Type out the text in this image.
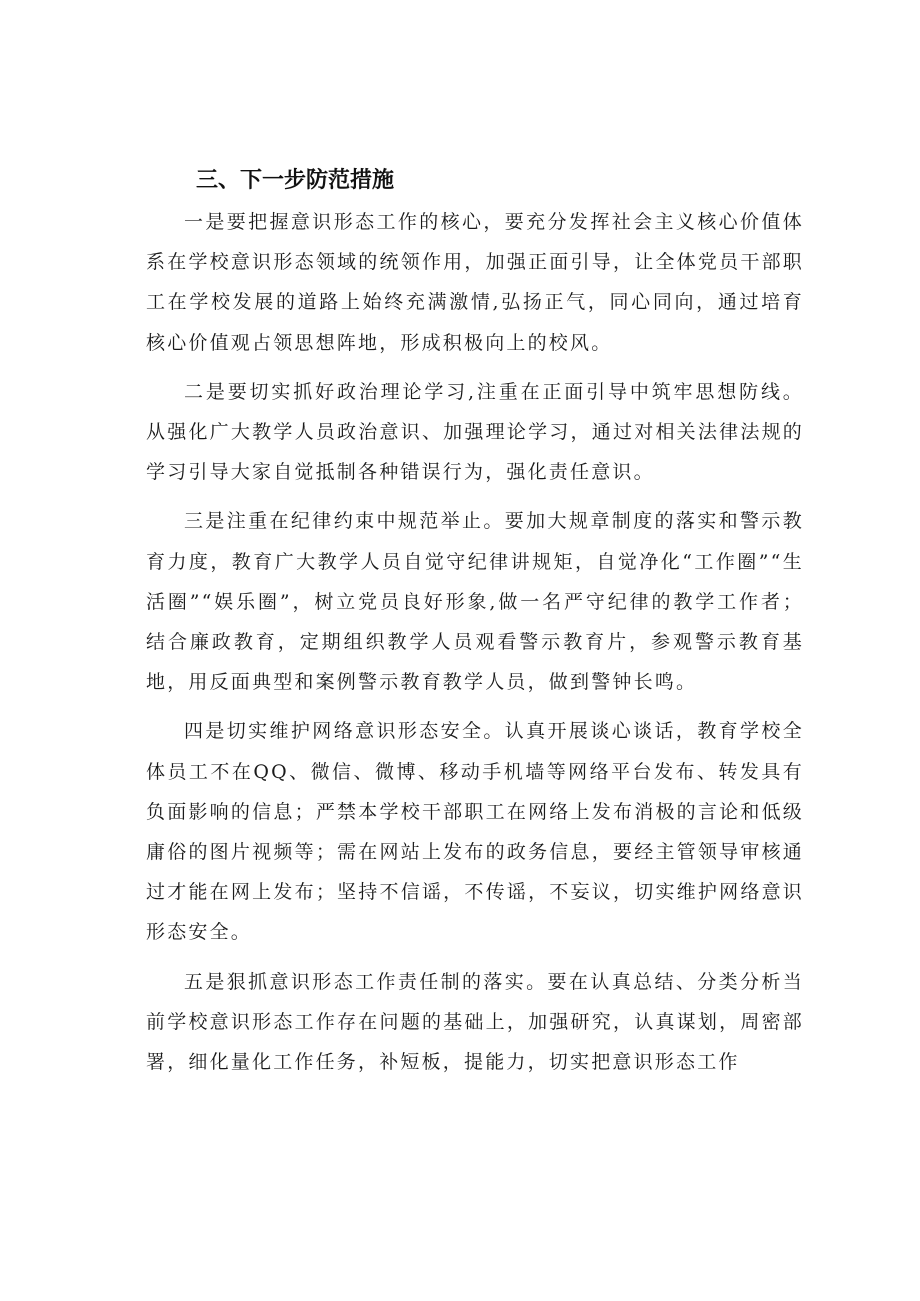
三、下一步防范措施

一是要把握意识形态工作的核心，要充分发挥社会主义核心价值体系在学校意识形态领域的统领作用，加强正面引导，让全体党员干部职工在学校发展的道路上始终充满激情,弘扬正气，同心同向，通过培育核心价值观占领思想阵地，形成积极向上的校风。

二是要切实抓好政治理论学习,注重在正面引导中筑牢思想防线。从强化广大教学人员政治意识、加强理论学习，通过对相关法律法规的学习引导大家自觉抵制各种错误行为，强化责任意识。

三是注重在纪律约束中规范举止。要加大规章制度的落实和警示教育力度，教育广大教学人员自觉守纪律讲规矩，自觉净化“工作圈”“生活圈”“娱乐圈”，树立党员良好形象,做一名严守纪律的教学工作者；结合廉政教育，定期组织教学人员观看警示教育片，参观警示教育基地，用反面典型和案例警示教育教学人员，做到警钟长鸣。

四是切实维护网络意识形态安全。认真开展谈心谈话，教育学校全体员工不在QQ、微信、微博、移动手机墙等网络平台发布、转发具有负面影响的信息；严禁本学校干部职工在网络上发布消极的言论和低级庸俗的图片视频等；需在网站上发布的政务信息，要经主管领导审核通过才能在网上发布；坚持不信谣，不传谣，不妄议，切实维护网络意识形态安全。

五是狠抓意识形态工作责任制的落实。要在认真总结、分类分析当前学校意识形态工作存在问题的基础上，加强研究，认真谋划，周密部署，细化量化工作任务，补短板，提能力，切实把意识形态工作
